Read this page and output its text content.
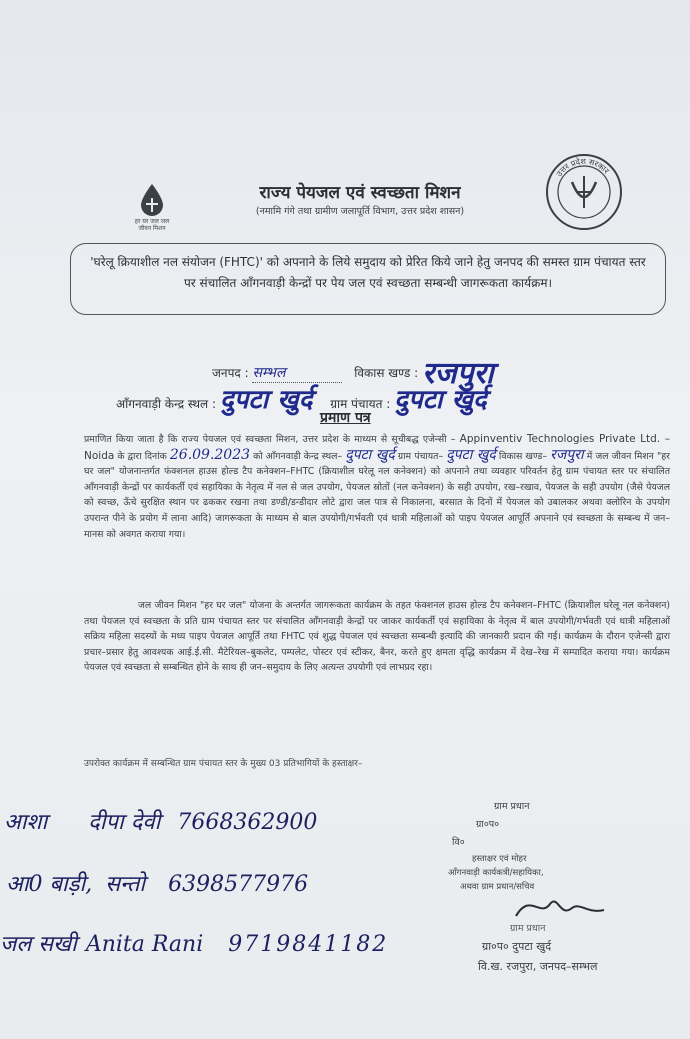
हर घर जल जल जीवन मिशन
राज्य पेयजल एवं स्वच्छता मिशन
(नमामि गंगे तथा ग्रामीण जलापूर्ति विभाग, उत्तर प्रदेश शासन)
उत्तर प्रदेश सरकार
'घरेलू क्रियाशील नल संयोजन (FHTC)' को अपनाने के लिये समुदाय को प्रेरित किये जाने हेतु जनपद की समस्त ग्राम पंचायत स्तर पर संचालित आँगनवाड़ी केन्द्रों पर पेय जल एवं स्वच्छता सम्बन्धी जागरूकता कार्यक्रम।
जनपद : सम्भल	विकास खण्ड : रजपुरा
आँगनवाड़ी केन्द्र स्थल : दुपटा खुर्द ग्राम पंचायत : दुपटा खुर्द
प्रमाण पत्र
प्रमाणित किया जाता है कि राज्य पेयजल एवं स्वच्छता मिशन, उत्तर प्रदेश के माध्यम से सूचीबद्ध एजेन्सी – Appinventiv Technologies Private Ltd. – Noida के द्वारा दिनांक 26.09.2023 को आँगनवाड़ी केन्द्र स्थल– दुपटा खुर्द ग्राम पंचायत– दुपटा खुर्द विकास खण्ड– रजपुरा में जल जीवन मिशन "हर घर जल" योजनान्तर्गत फंक्शनल हाउस होल्ड टैप कनेक्शन–FHTC (क्रियाशील घरेलू नल कनेक्शन) को अपनाने तथा व्यवहार परिवर्तन हेतु ग्राम पंचायत स्तर पर संचालित आँगनवाड़ी केन्द्रों पर कार्यकर्ती एवं सहायिका के नेतृत्व में नल से जल उपयोग, पेयजल स्रोतों (नल कनेक्शन) के सही उपयोग, रख–रखाव, पेयजल के सही उपयोग (जैसे पेयजल को स्वच्छ, ऊँचे सुरक्षित स्थान पर ढककर रखना तथा डण्डी/डन्डीदार लोटे द्वारा जल पात्र से निकालना, बरसात के दिनों में पेयजल को उबालकर अथवा क्लोरिन के उपयोग उपरान्त पीने के प्रयोग में लाना आदि) जागरूकता के माध्यम से बाल उपयोगी/गर्भवती एवं धात्री महिलाओं को पाइप पेयजल आपूर्ति अपनाने एवं स्वच्छता के सम्बन्ध में जन–मानस को अवगत कराया गया।
जल जीवन मिशन "हर घर जल" योजना के अन्तर्गत जागरूकता कार्यक्रम के तहत फंक्शनल हाउस होल्ड टैप कनेक्शन–FHTC (क्रियाशील घरेलू नल कनेक्शन) तथा पेयजल एवं स्वच्छता के प्रति ग्राम पंचायत स्तर पर संचालित आँगनवाड़ी केन्द्रों पर जाकर कार्यकर्ती एवं सहायिका के नेतृत्व में बाल उपयोगी/गर्भवती एवं धात्री महिलाओं सक्रिय महिला सदस्यों के मध्य पाइप पेयजल आपूर्ति तथा FHTC एवं शुद्ध पेयजल एवं स्वच्छता सम्बन्धी इत्यादि की जानकारी प्रदान की गई। कार्यक्रम के दौरान एजेन्सी द्वारा प्रचार–प्रसार हेतु आवश्यक आई.ई.सी. मैटेरियल–बुकलेट, पम्पलेट, पोस्टर एवं स्टीकर, बैनर, करते हुए क्षमता वृद्धि कार्यक्रम में देख–रेख में सम्पादित कराया गया। कार्यक्रम पेयजल एवं स्वच्छता से सम्बन्धित होने के साथ ही जन–समुदाय के लिए अत्यन्त उपयोगी एवं लाभप्रद रहा।
उपरोक्त कार्यक्रम में सम्बन्धित ग्राम पंचायत स्तर के मुख्य 03 प्रतिभागियों के हस्ताक्षर–
आशा दीपा देवी 7668362900
आ0 बाड़ी, सन्तो 6398577976
जल सखी Anita Rani 9719841182
ग्राम प्रधान
ग्रा०प०
वि०
हस्ताक्षर एवं मोहर
आँगनवाड़ी कार्यकत्री/सहायिका,
अथवा ग्राम प्रधान/सचिव
ग्राम प्रधान
ग्रा०प० दुपटा खुर्द
वि.ख. रजपुरा, जनपद–सम्भल
